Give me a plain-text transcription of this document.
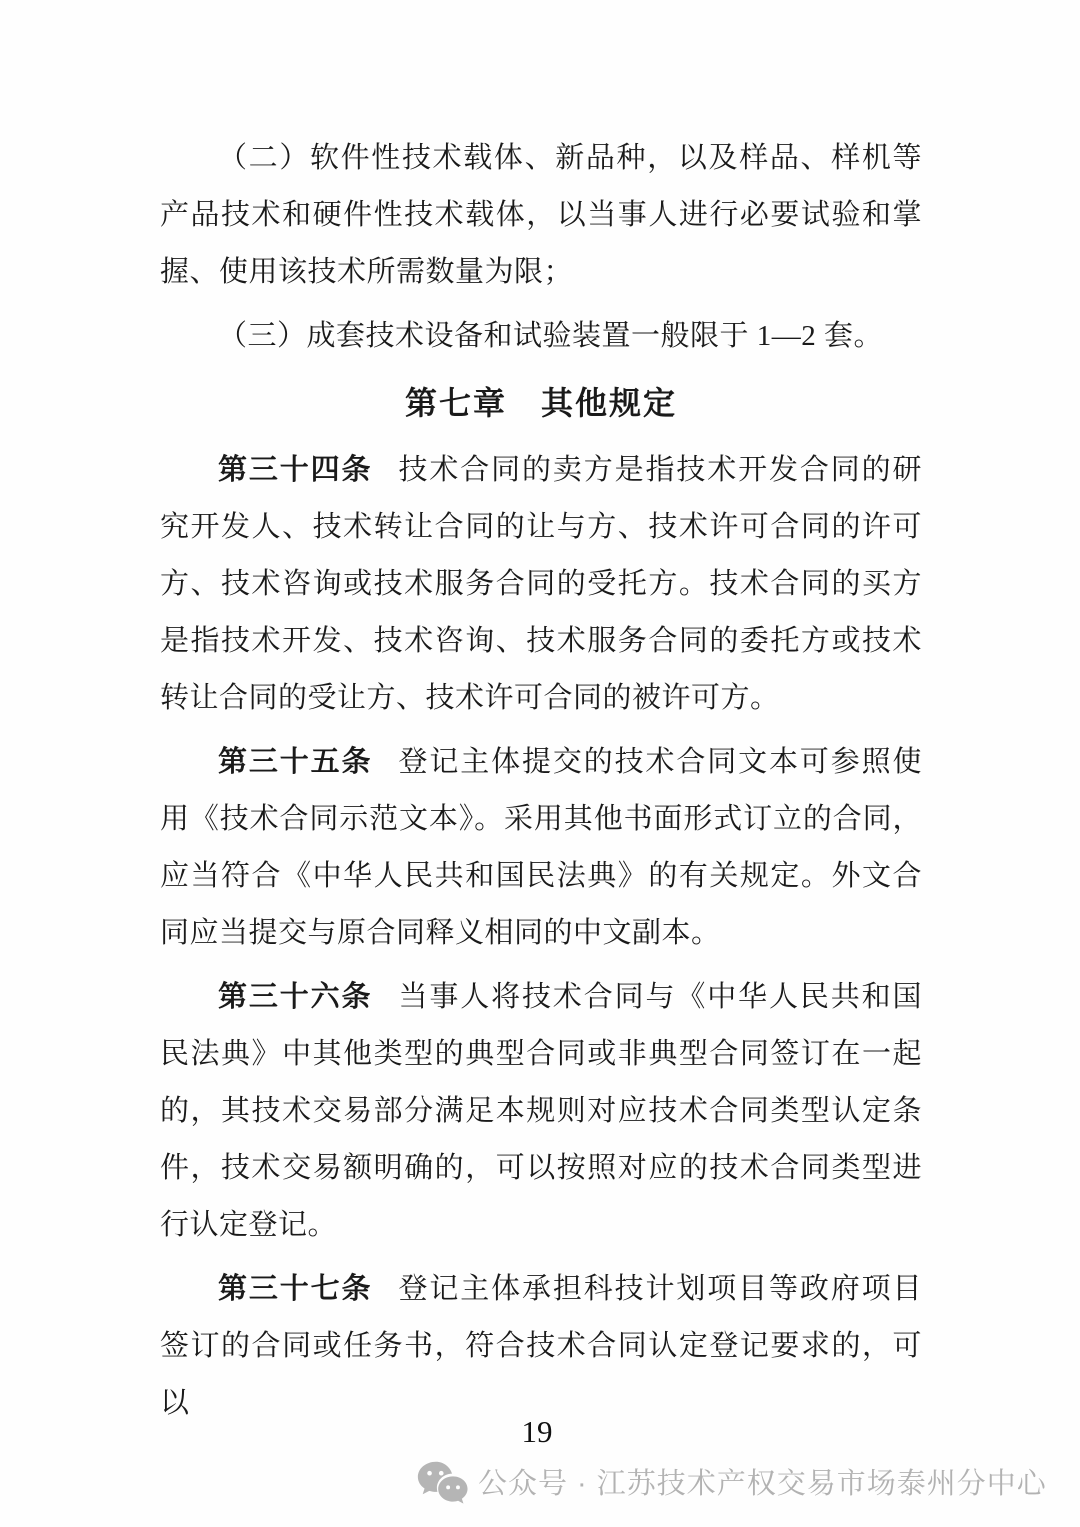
（二）软件性技术载体、新品种，以及样品、样机等产品技术和硬件性技术载体，以当事人进行必要试验和掌握、使用该技术所需数量为限；
（三）成套技术设备和试验装置一般限于 1—2 套。
第七章　其他规定
第三十四条 技术合同的卖方是指技术开发合同的研究开发人、技术转让合同的让与方、技术许可合同的许可方、技术咨询或技术服务合同的受托方。技术合同的买方是指技术开发、技术咨询、技术服务合同的委托方或技术转让合同的受让方、技术许可合同的被许可方。
第三十五条 登记主体提交的技术合同文本可参照使用《技术合同示范文本》。采用其他书面形式订立的合同，应当符合《中华人民共和国民法典》的有关规定。外文合同应当提交与原合同释义相同的中文副本。
第三十六条 当事人将技术合同与《中华人民共和国民法典》中其他类型的典型合同或非典型合同签订在一起的，其技术交易部分满足本规则对应技术合同类型认定条件，技术交易额明确的，可以按照对应的技术合同类型进行认定登记。
第三十七条 登记主体承担科技计划项目等政府项目签订的合同或任务书，符合技术合同认定登记要求的，可以
19
公众号 · 江苏技术产权交易市场泰州分中心
